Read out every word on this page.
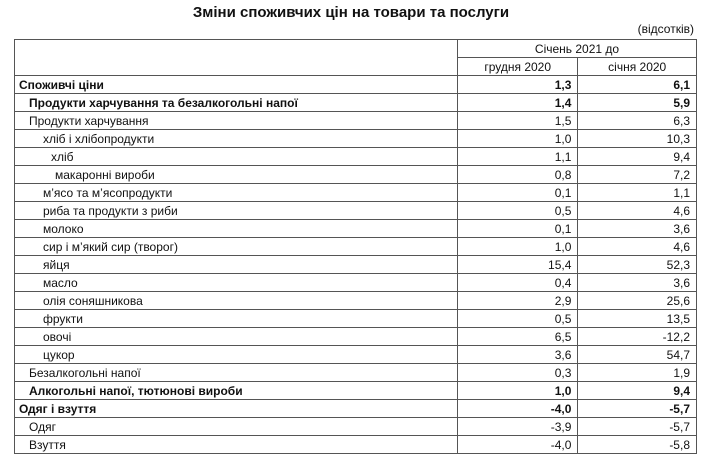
Зміни споживчих цін на товари та послуги
(відсотків)
	Січень 2021 до	
	грудня 2020	січня 2020
Споживчі ціни	1,3	6,1
Продукти харчування та безалкогольні напої	1,4	5,9
Продукти харчування	1,5	6,3
хліб і хлібопродукти	1,0	10,3
хліб	1,1	9,4
макаронні вироби	0,8	7,2
м’ясо та м’ясопродукти	0,1	1,1
риба та продукти з риби	0,5	4,6
молоко	0,1	3,6
сир і м’який сир (творог)	1,0	4,6
яйця	15,4	52,3
масло	0,4	3,6
олія соняшникова	2,9	25,6
фрукти	0,5	13,5
овочі	6,5	-12,2
цукор	3,6	54,7
Безалкогольні напої	0,3	1,9
Алкогольні напої, тютюнові вироби	1,0	9,4
Одяг і взуття	-4,0	-5,7
Одяг	-3,9	-5,7
Взуття	-4,0	-5,8
